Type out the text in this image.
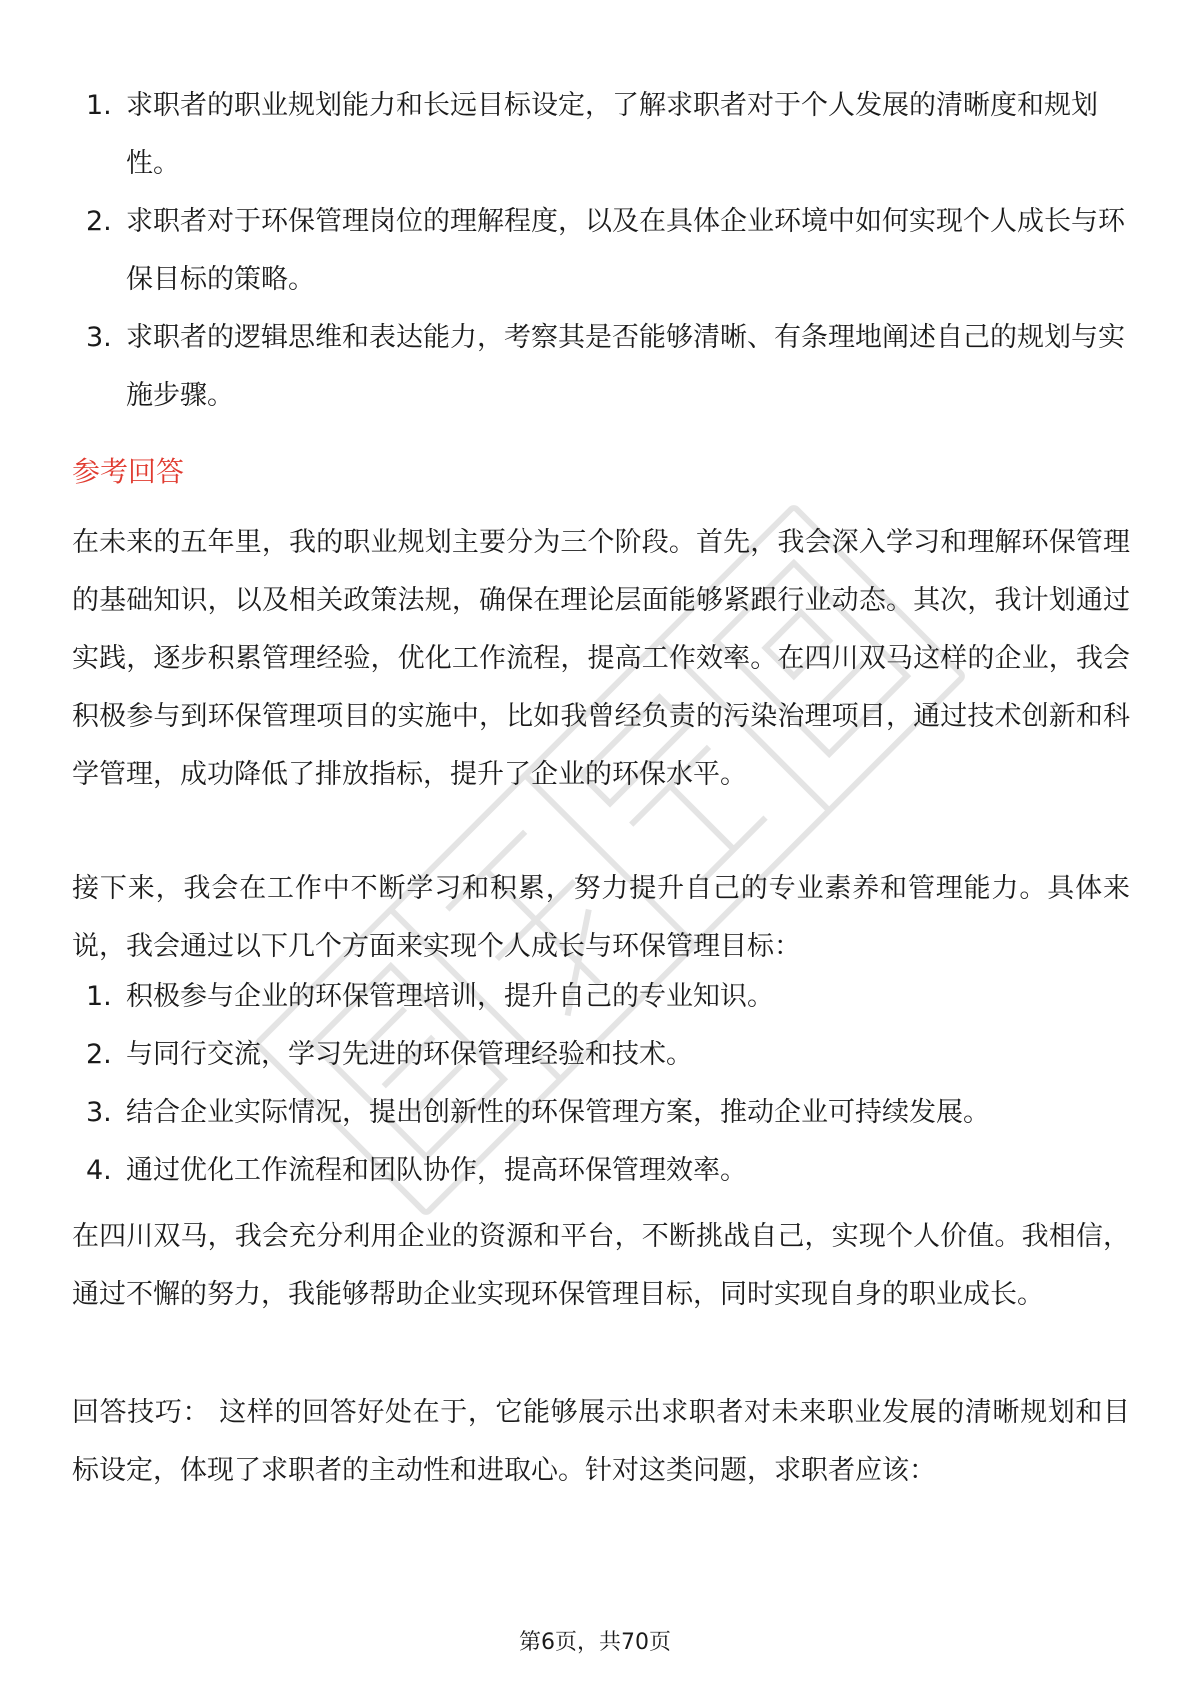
1. 求职者的职业规划能力和长远目标设定，了解求职者对于个人发展的清晰度和规划性。
2. 求职者对于环保管理岗位的理解程度，以及在具体企业环境中如何实现个人成长与环保目标的策略。
3. 求职者的逻辑思维和表达能力，考察其是否能够清晰、有条理地阐述自己的规划与实施步骤。
参考回答

在未来的五年里，我的职业规划主要分为三个阶段。首先，我会深入学习和理解环保管理的基础知识，以及相关政策法规，确保在理论层面能够紧跟行业动态。其次，我计划通过实践，逐步积累管理经验，优化工作流程，提高工作效率。在四川双马这样的企业，我会积极参与到环保管理项目的实施中，比如我曾经负责的污染治理项目，通过技术创新和科学管理，成功降低了排放指标，提升了企业的环保水平。

接下来，我会在工作中不断学习和积累，努力提升自己的专业素养和管理能力。具体来说，我会通过以下几个方面来实现个人成长与环保管理目标：

1. 积极参与企业的环保管理培训，提升自己的专业知识。
2. 与同行交流，学习先进的环保管理经验和技术。
3. 结合企业实际情况，提出创新性的环保管理方案，推动企业可持续发展。
4. 通过优化工作流程和团队协作，提高环保管理效率。

在四川双马，我会充分利用企业的资源和平台，不断挑战自己，实现个人价值。我相信，通过不懈的努力，我能够帮助企业实现环保管理目标，同时实现自身的职业成长。

回答技巧： 这样的回答好处在于，它能够展示出求职者对未来职业发展的清晰规划和目标设定，体现了求职者的主动性和进取心。针对这类问题，求职者应该：

第6页，共70页
